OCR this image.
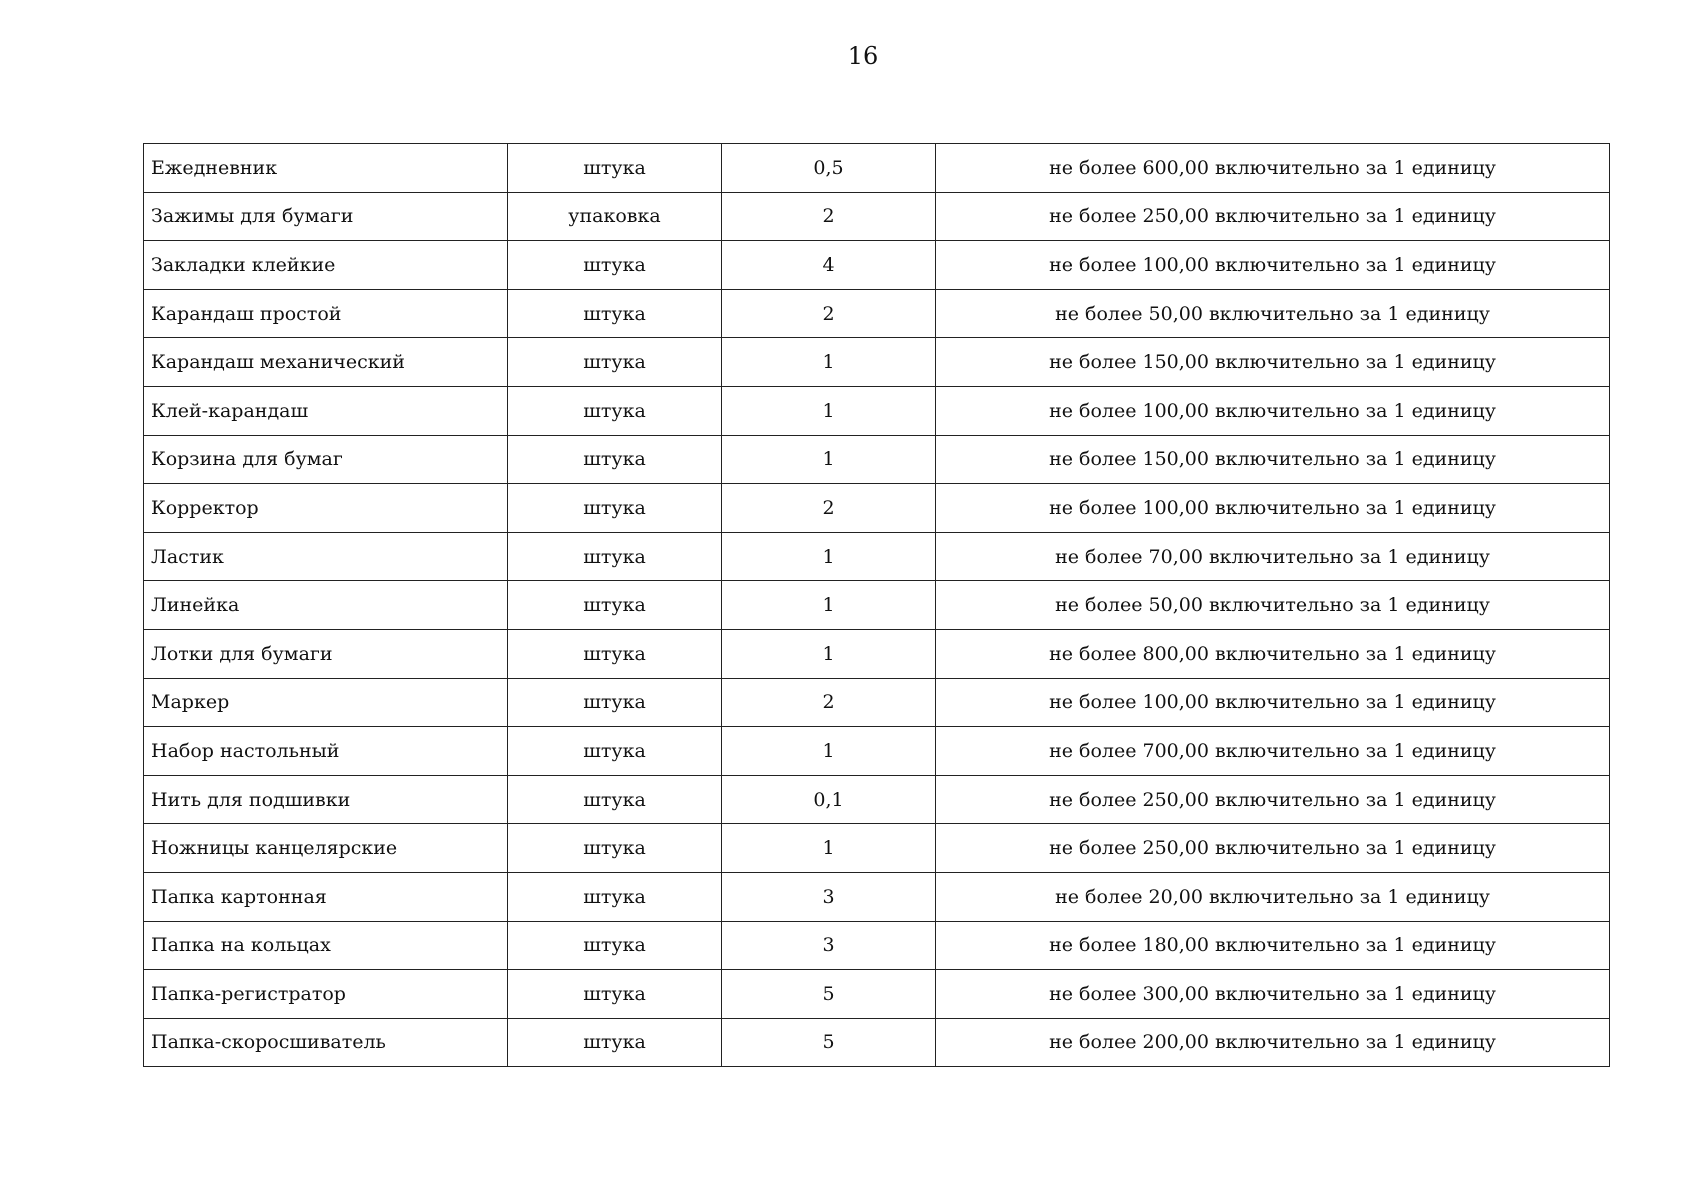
16
Ежедневник	штука	0,5	не более 600,00 включительно за 1 единицу
Зажимы для бумаги	упаковка	2	не более 250,00 включительно за 1 единицу
Закладки клейкие	штука	4	не более 100,00 включительно за 1 единицу
Карандаш простой	штука	2	не более 50,00 включительно за 1 единицу
Карандаш механический	штука	1	не более 150,00 включительно за 1 единицу
Клей-карандаш	штука	1	не более 100,00 включительно за 1 единицу
Корзина для бумаг	штука	1	не более 150,00 включительно за 1 единицу
Корректор	штука	2	не более 100,00 включительно за 1 единицу
Ластик	штука	1	не более 70,00 включительно за 1 единицу
Линейка	штука	1	не более 50,00 включительно за 1 единицу
Лотки для бумаги	штука	1	не более 800,00 включительно за 1 единицу
Маркер	штука	2	не более 100,00 включительно за 1 единицу
Набор настольный	штука	1	не более 700,00 включительно за 1 единицу
Нить для подшивки	штука	0,1	не более 250,00 включительно за 1 единицу
Ножницы канцелярские	штука	1	не более 250,00 включительно за 1 единицу
Папка картонная	штука	3	не более 20,00 включительно за 1 единицу
Папка на кольцах	штука	3	не более 180,00 включительно за 1 единицу
Папка-регистратор	штука	5	не более 300,00 включительно за 1 единицу
Папка-скоросшиватель	штука	5	не более 200,00 включительно за 1 единицу
